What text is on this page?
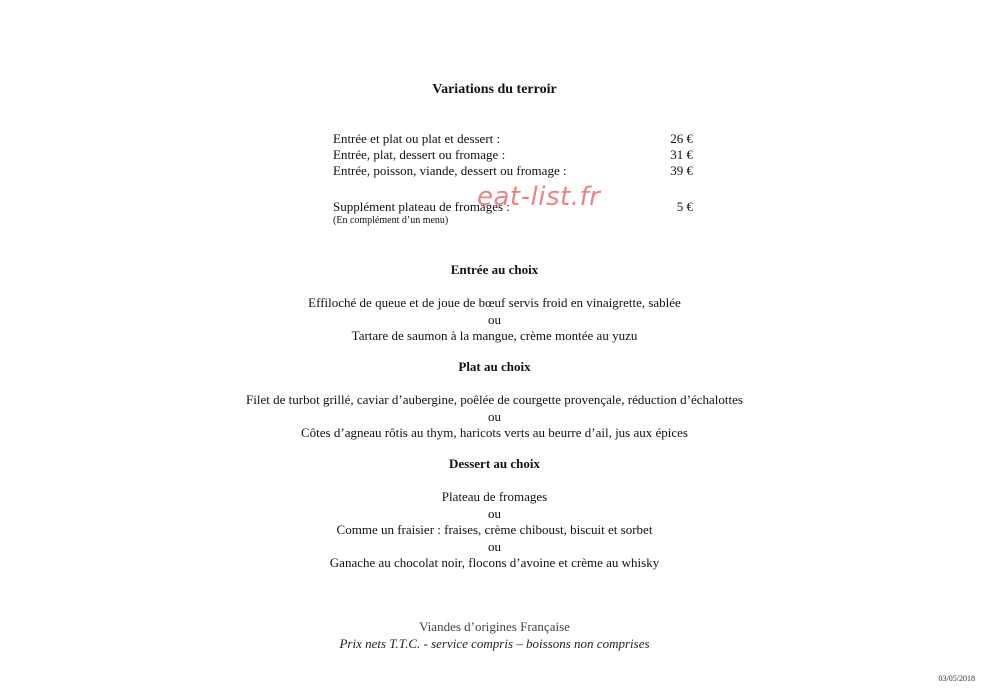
Variations du terroir
Entrée et plat ou plat et dessert :	26 €
Entrée, plat, dessert ou fromage :	31 €
Entrée, poisson, viande, dessert ou fromage :	39 €
Supplément plateau de fromages :	5 €
(En complément d’un menu)
eat-list.fr
Entrée au choix
Effiloché de queue et de joue de bœuf servis froid en vinaigrette, sablée
ou
Tartare de saumon à la mangue, crème montée au yuzu
Plat au choix
Filet de turbot grillé, caviar d’aubergine, poêlée de courgette provençale, réduction d’échalottes
ou
Côtes d’agneau rôtis au thym, haricots verts au beurre d’ail, jus aux épices
Dessert au choix
Plateau de fromages
ou
Comme un fraisier : fraises, crème chiboust, biscuit et sorbet
ou
Ganache au chocolat noir, flocons d’avoine et crème au whisky
Viandes d’origines Française
Prix nets T.T.C. - service compris – boissons non comprises
03/05/2018
